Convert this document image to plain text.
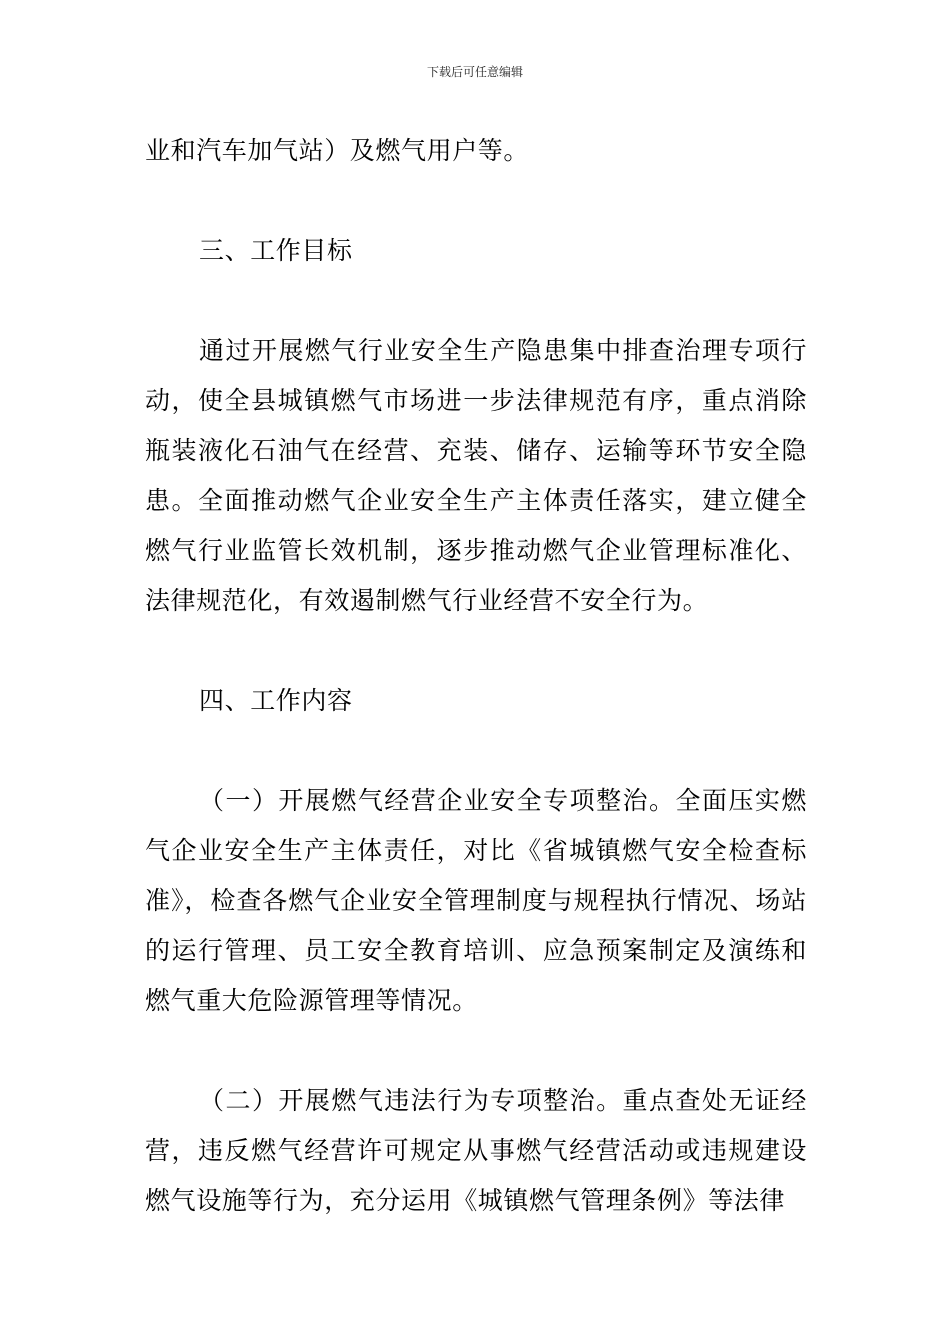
下载后可任意编辑

业和汽车加气站）及燃气用户等。

三、工作目标

通过开展燃气行业安全生产隐患集中排查治理专项行动，使全县城镇燃气市场进一步法律规范有序，重点消除瓶装液化石油气在经营、充装、储存、运输等环节安全隐患。全面推动燃气企业安全生产主体责任落实，建立健全燃气行业监管长效机制，逐步推动燃气企业管理标准化、法律规范化，有效遏制燃气行业经营不安全行为。

四、工作内容

（一）开展燃气经营企业安全专项整治。全面压实燃气企业安全生产主体责任，对比《省城镇燃气安全检查标准》，检查各燃气企业安全管理制度与规程执行情况、场站的运行管理、员工安全教育培训、应急预案制定及演练和燃气重大危险源管理等情况。

（二）开展燃气违法行为专项整治。重点查处无证经营，违反燃气经营许可规定从事燃气经营活动或违规建设燃气设施等行为，充分运用《城镇燃气管理条例》等法律
